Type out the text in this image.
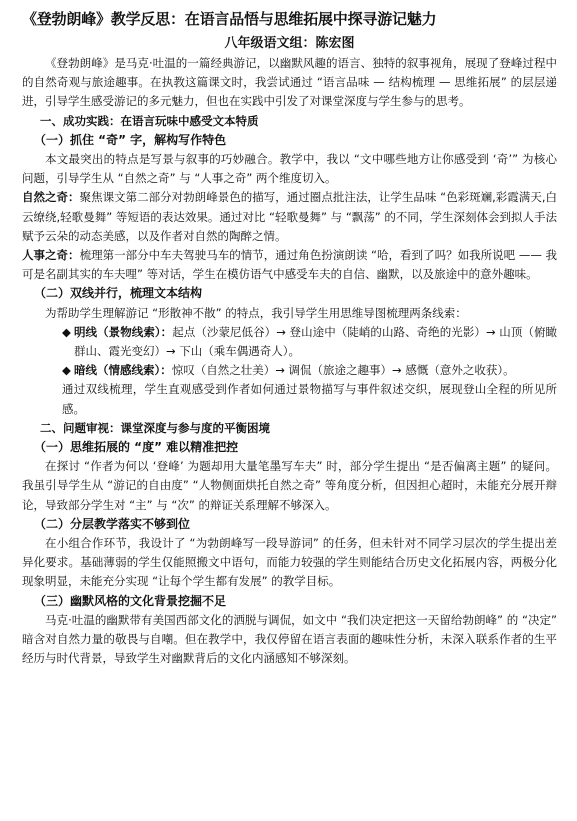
《登勃朗峰》教学反思：在语言品悟与思维拓展中探寻游记魅力
八年级语文组：陈宏图

《登勃朗峰》是马克·吐温的一篇经典游记，以幽默风趣的语言、独特的叙事视角，展现了登峰过程中的自然奇观与旅途趣事。在执教这篇课文时，我尝试通过 “语言品味 — 结构梳理 — 思维拓展” 的层层递进，引导学生感受游记的多元魅力，但也在实践中引发了对课堂深度与学生参与的思考。

一、成功实践：在语言玩味中感受文本特质

（一）抓住 “奇” 字，解构写作特色

本文最突出的特点是写景与叙事的巧妙融合。教学中，我以 “文中哪些地方让你感受到 ‘奇’” 为核心问题，引导学生从 “自然之奇” 与 “人事之奇” 两个维度切入。

自然之奇：聚焦课文第二部分对勃朗峰景色的描写，通过圈点批注法，让学生品味 “色彩斑斓,彩霞满天,白云缭绕,轻歌曼舞” 等短语的表达效果。通过对比 “轻歌曼舞” 与 “飘荡” 的不同，学生深刻体会到拟人手法赋予云朵的动态美感，以及作者对自然的陶醉之情。

人事之奇：梳理第一部分中车夫驾驶马车的情节，通过角色扮演朗读 “哈，看到了吗？如我所说吧 —— 我可是名副其实的车夫哩” 等对话，学生在模仿语气中感受车夫的自信、幽默，以及旅途中的意外趣味。

（二）双线并行，梳理文本结构

为帮助学生理解游记 “形散神不散” 的特点，我引导学生用思维导图梳理两条线索：

◆ 明线（景物线索）：起点（沙蒙尼低谷）→ 登山途中（陡峭的山路、奇绝的光影）→ 山顶（俯瞰群山、霞光变幻）→ 下山（乘车偶遇奇人）。

◆ 暗线（情感线索）：惊叹（自然之壮美）→ 调侃（旅途之趣事）→ 感慨（意外之收获）。

通过双线梳理，学生直观感受到作者如何通过景物描写与事件叙述交织，展现登山全程的所见所感。

二、问题审视：课堂深度与参与度的平衡困境

（一）思维拓展的 “度” 难以精准把控

在探讨 “作者为何以 ‘登峰’ 为题却用大量笔墨写车夫” 时，部分学生提出 “是否偏离主题” 的疑问。我虽引导学生从 “游记的自由度” “人物侧面烘托自然之奇” 等角度分析，但因担心超时，未能充分展开辩论，导致部分学生对 “主” 与 “次” 的辩证关系理解不够深入。

（二）分层教学落实不够到位

在小组合作环节，我设计了 “为勃朗峰写一段导游词” 的任务，但未针对不同学习层次的学生提出差异化要求。基础薄弱的学生仅能照搬文中语句，而能力较强的学生则能结合历史文化拓展内容，两极分化现象明显，未能充分实现 “让每个学生都有发展” 的教学目标。

（三）幽默风格的文化背景挖掘不足

马克·吐温的幽默带有美国西部文化的洒脱与调侃，如文中 “我们决定把这一天留给勃朗峰” 的 “决定” 暗含对自然力量的敬畏与自嘲。但在教学中，我仅停留在语言表面的趣味性分析，未深入联系作者的生平经历与时代背景，导致学生对幽默背后的文化内涵感知不够深刻。
